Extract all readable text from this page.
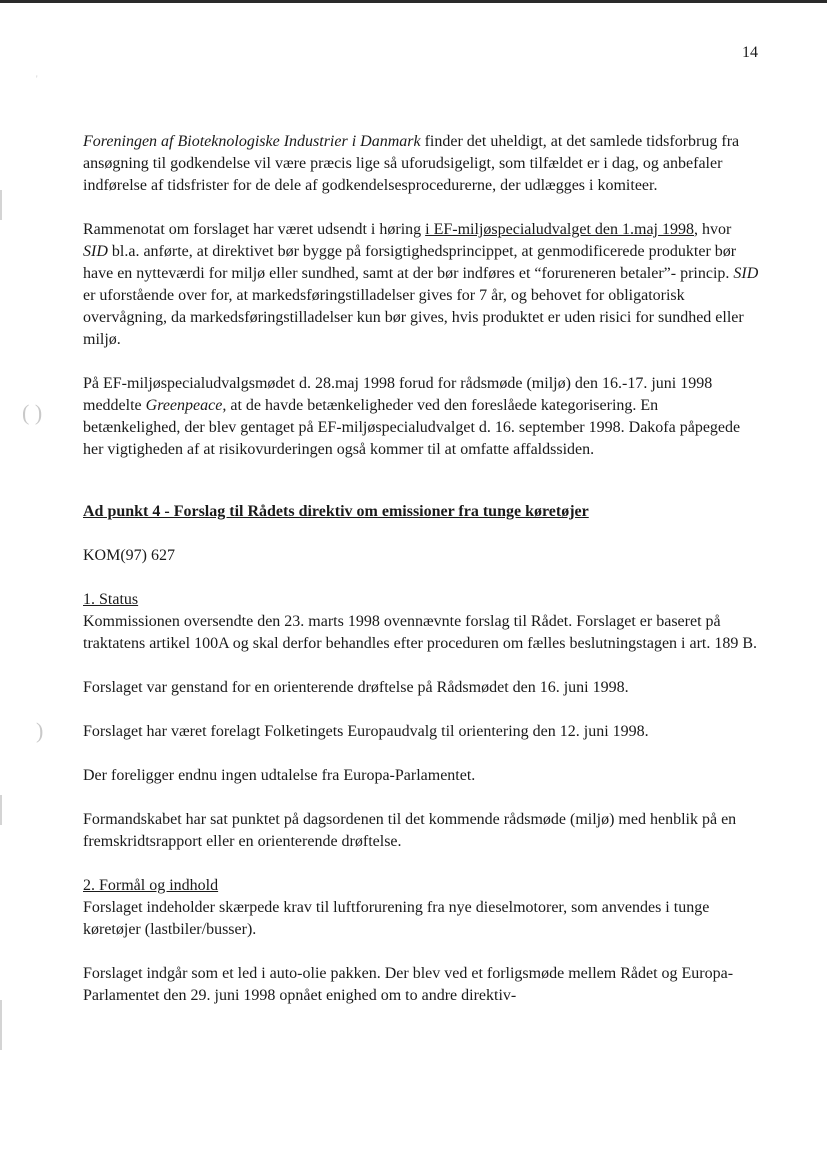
'
( )
)
14

Foreningen af Bioteknologiske Industrier i Danmark finder det uheldigt, at det samlede tidsforbrug fra ansøgning til godkendelse vil være præcis lige så uforudsigeligt, som tilfældet er i dag, og anbefaler indførelse af tidsfrister for de dele af godkendelsesprocedurerne, der udlægges i komiteer.

Rammenotat om forslaget har været udsendt i høring i EF-miljøspecialudvalget den 1.maj 1998, hvor SID bl.a. anførte, at direktivet bør bygge på forsigtighedsprincippet, at genmodificerede produkter bør have en nytteværdi for miljø eller sundhed, samt at der bør indføres et “forureneren betaler”- princip. SID er uforstående over for, at markedsføringstilladelser gives for 7 år, og behovet for obligatorisk overvågning, da markedsføringstilladelser kun bør gives, hvis produktet er uden risici for sundhed eller miljø.

På EF-miljøspecialudvalgsmødet d. 28.maj 1998 forud for rådsmøde (miljø) den 16.-17. juni 1998 meddelte Greenpeace, at de havde betænkeligheder ved den foreslåede kategorisering. En betænkelighed, der blev gentaget på EF-miljøspecialudvalget d. 16. september 1998. Dakofa påpegede her vigtigheden af at risikovurderingen også kommer til at omfatte affaldssiden.

Ad punkt 4 - Forslag til Rådets direktiv om emissioner fra tunge køretøjer

KOM(97) 627

1. Status

Kommissionen oversendte den 23. marts 1998 ovennævnte forslag til Rådet. Forslaget er baseret på traktatens artikel 100A og skal derfor behandles efter proceduren om fælles beslutningstagen i art. 189 B.

Forslaget var genstand for en orienterende drøftelse på Rådsmødet den 16. juni 1998.

Forslaget har været forelagt Folketingets Europaudvalg til orientering den 12. juni 1998.

Der foreligger endnu ingen udtalelse fra Europa-Parlamentet.

Formandskabet har sat punktet på dagsordenen til det kommende rådsmøde (miljø) med henblik på en fremskridtsrapport eller en orienterende drøftelse.

2. Formål og indhold

Forslaget indeholder skærpede krav til luftforurening fra nye dieselmotorer, som anvendes i tunge køretøjer (lastbiler/busser).

Forslaget indgår som et led i auto-olie pakken. Der blev ved et forligsmøde mellem Rådet og Europa-Parlamentet den 29. juni 1998 opnået enighed om to andre direktiv-
